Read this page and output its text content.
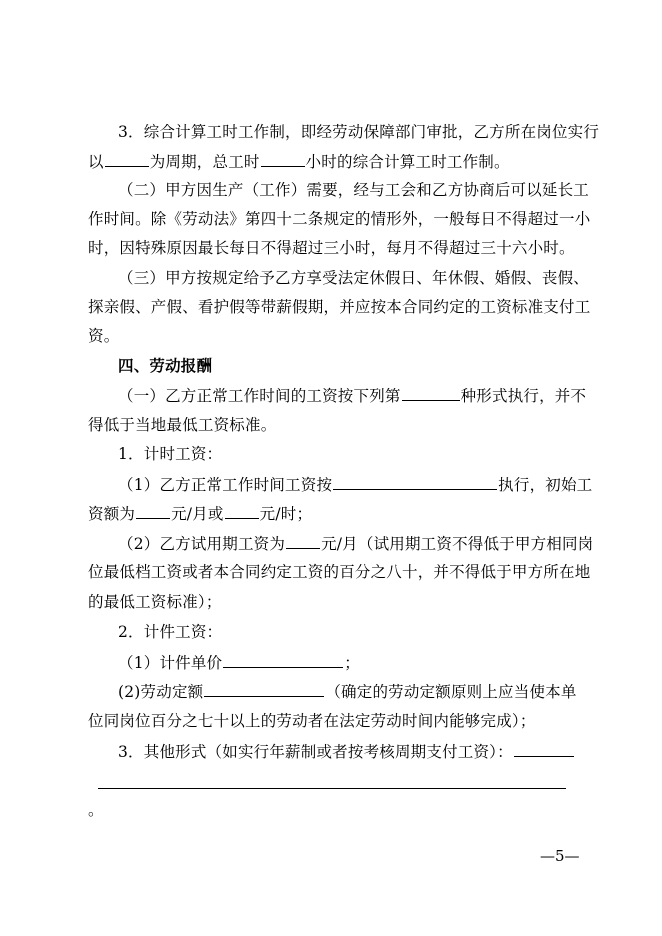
3．综合计算工时工作制，即经劳动保障部门审批，乙方所在岗位实行
以	为周期，总工时	小时的综合计算工时工作制。
（二）甲方因生产（工作）需要，经与工会和乙方协商后可以延长工
作时间。除《劳动法》第四十二条规定的情形外，一般每日不得超过一小
时，因特殊原因最长每日不得超过三小时，每月不得超过三十六小时。
（三）甲方按规定给予乙方享受法定休假日、年休假、婚假、丧假、
探亲假、产假、看护假等带薪假期，并应按本合同约定的工资标准支付工
资。
四、劳动报酬
（一）乙方正常工作时间的工资按下列第	种形式执行，并不
得低于当地最低工资标准。
1．计时工资：
（1）乙方正常工作时间工资按	执行，初始工
资额为 元/月或 元/时；
（2）乙方试用期工资为 元/月（试用期工资不得低于甲方相同岗
位最低档工资或者本合同约定工资的百分之八十，并不得低于甲方所在地
的最低工资标准）；
2．计件工资：
（1）计件单价	；
(2)劳动定额	（确定的劳动定额原则上应当使本单
位同岗位百分之七十以上的劳动者在法定劳动时间内能够完成）；
3．其他形式（如实行年薪制或者按考核周期支付工资）：
。
—5—
